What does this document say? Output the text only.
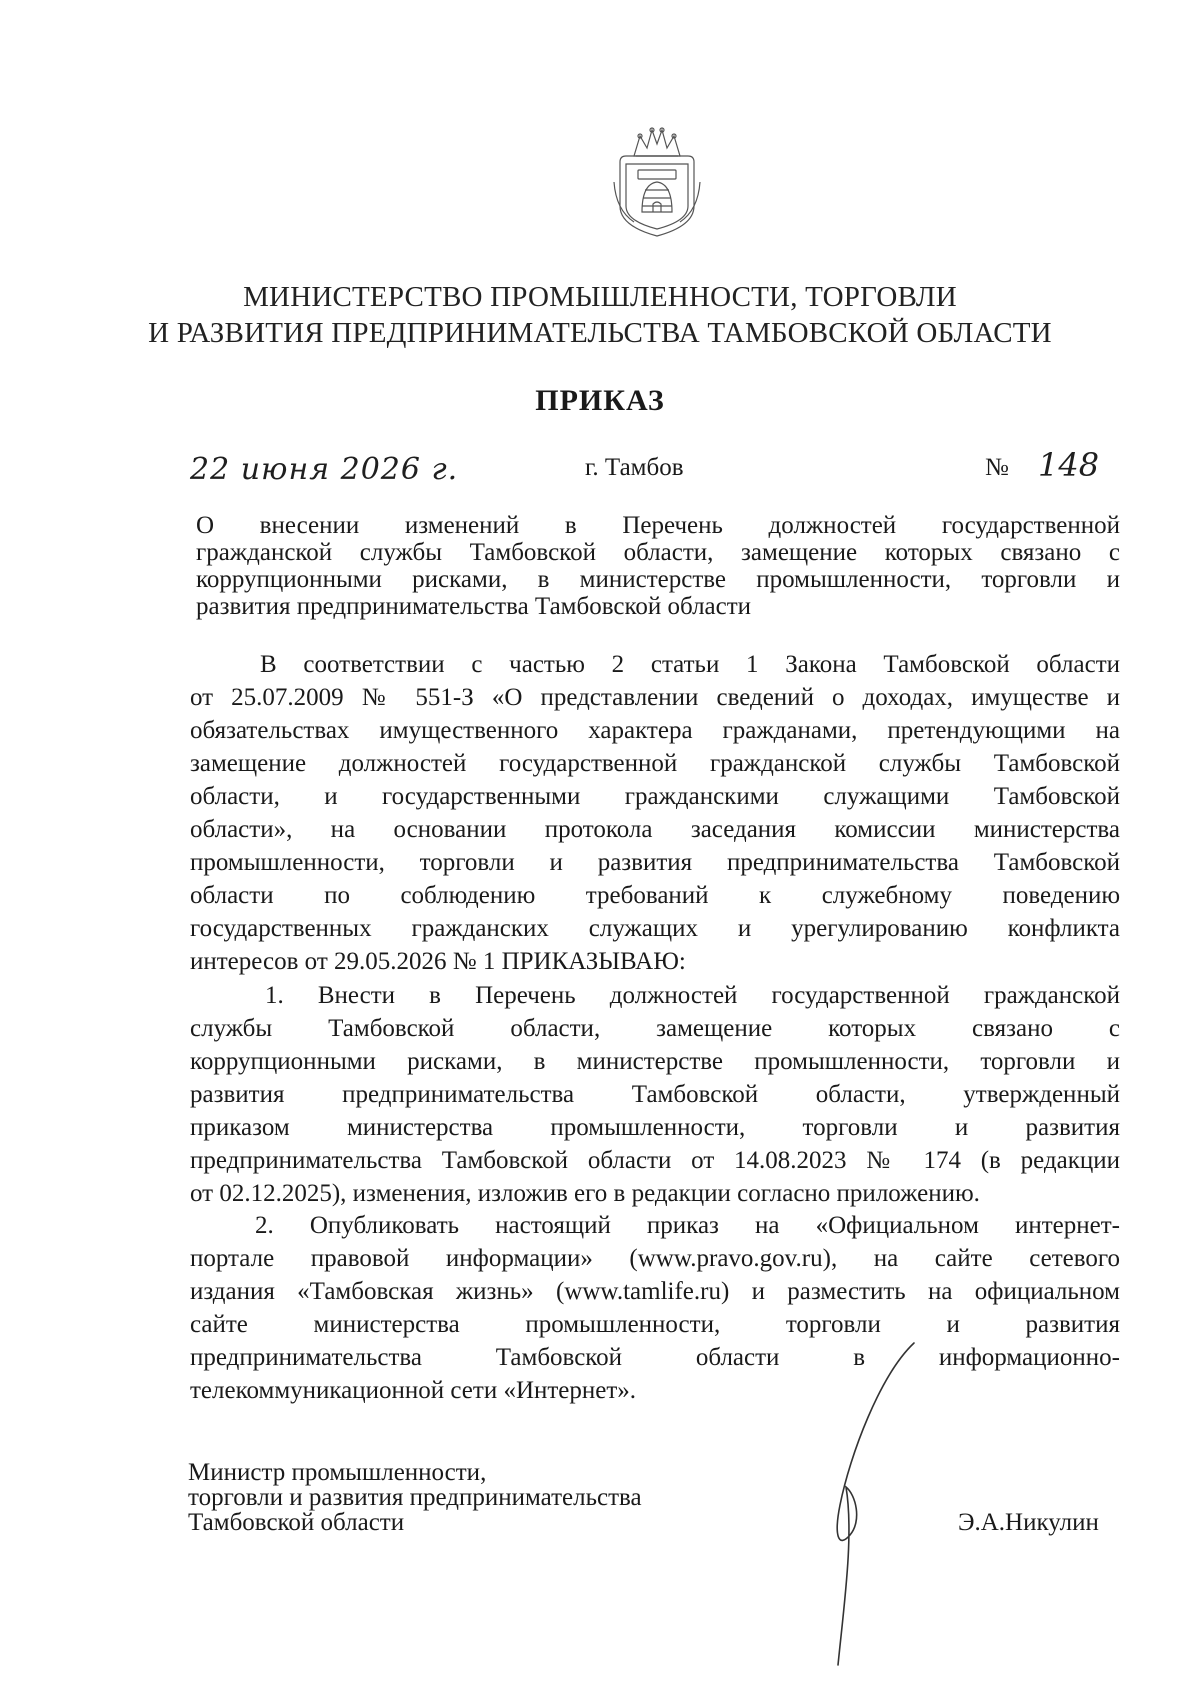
МИНИСТЕРСТВО ПРОМЫШЛЕННОСТИ, ТОРГОВЛИ
И РАЗВИТИЯ ПРЕДПРИНИМАТЕЛЬСТВА ТАМБОВСКОЙ ОБЛАСТИ
ПРИКАЗ
22 июня 2026 г.	г. Тамбов	№ 148
О внесении изменений в Перечень должностей государственной
гражданской службы Тамбовской области, замещение которых связано с
коррупционными рисками, в министерстве промышленности, торговли и
развития предпринимательства Тамбовской области
В соответствии с частью 2 статьи 1 Закона Тамбовской области
от 25.07.2009 № 551-З «О представлении сведений о доходах, имуществе и
обязательствах имущественного характера гражданами, претендующими на
замещение должностей государственной гражданской службы Тамбовской
области, и государственными гражданскими служащими Тамбовской
области», на основании протокола заседания комиссии министерства
промышленности, торговли и развития предпринимательства Тамбовской
области по соблюдению требований к служебному поведению
государственных гражданских служащих и урегулированию конфликта
интересов от 29.05.2026 № 1 ПРИКАЗЫВАЮ:
1. Внести в Перечень должностей государственной гражданской
службы Тамбовской области, замещение которых связано с
коррупционными рисками, в министерстве промышленности, торговли и
развития предпринимательства Тамбовской области, утвержденный
приказом министерства промышленности, торговли и развития
предпринимательства Тамбовской области от 14.08.2023 № 174 (в редакции
от 02.12.2025), изменения, изложив его в редакции согласно приложению.
2. Опубликовать настоящий приказ на «Официальном интернет-
портале правовой информации» (www.pravo.gov.ru), на сайте сетевого
издания «Тамбовская жизнь» (www.tamlife.ru) и разместить на официальном
сайте министерства промышленности, торговли и развития
предпринимательства Тамбовской области в информационно-
телекоммуникационной сети «Интернет».
Министр промышленности,
торговли и развития предпринимательства
Тамбовской области	Э.А.Никулин
